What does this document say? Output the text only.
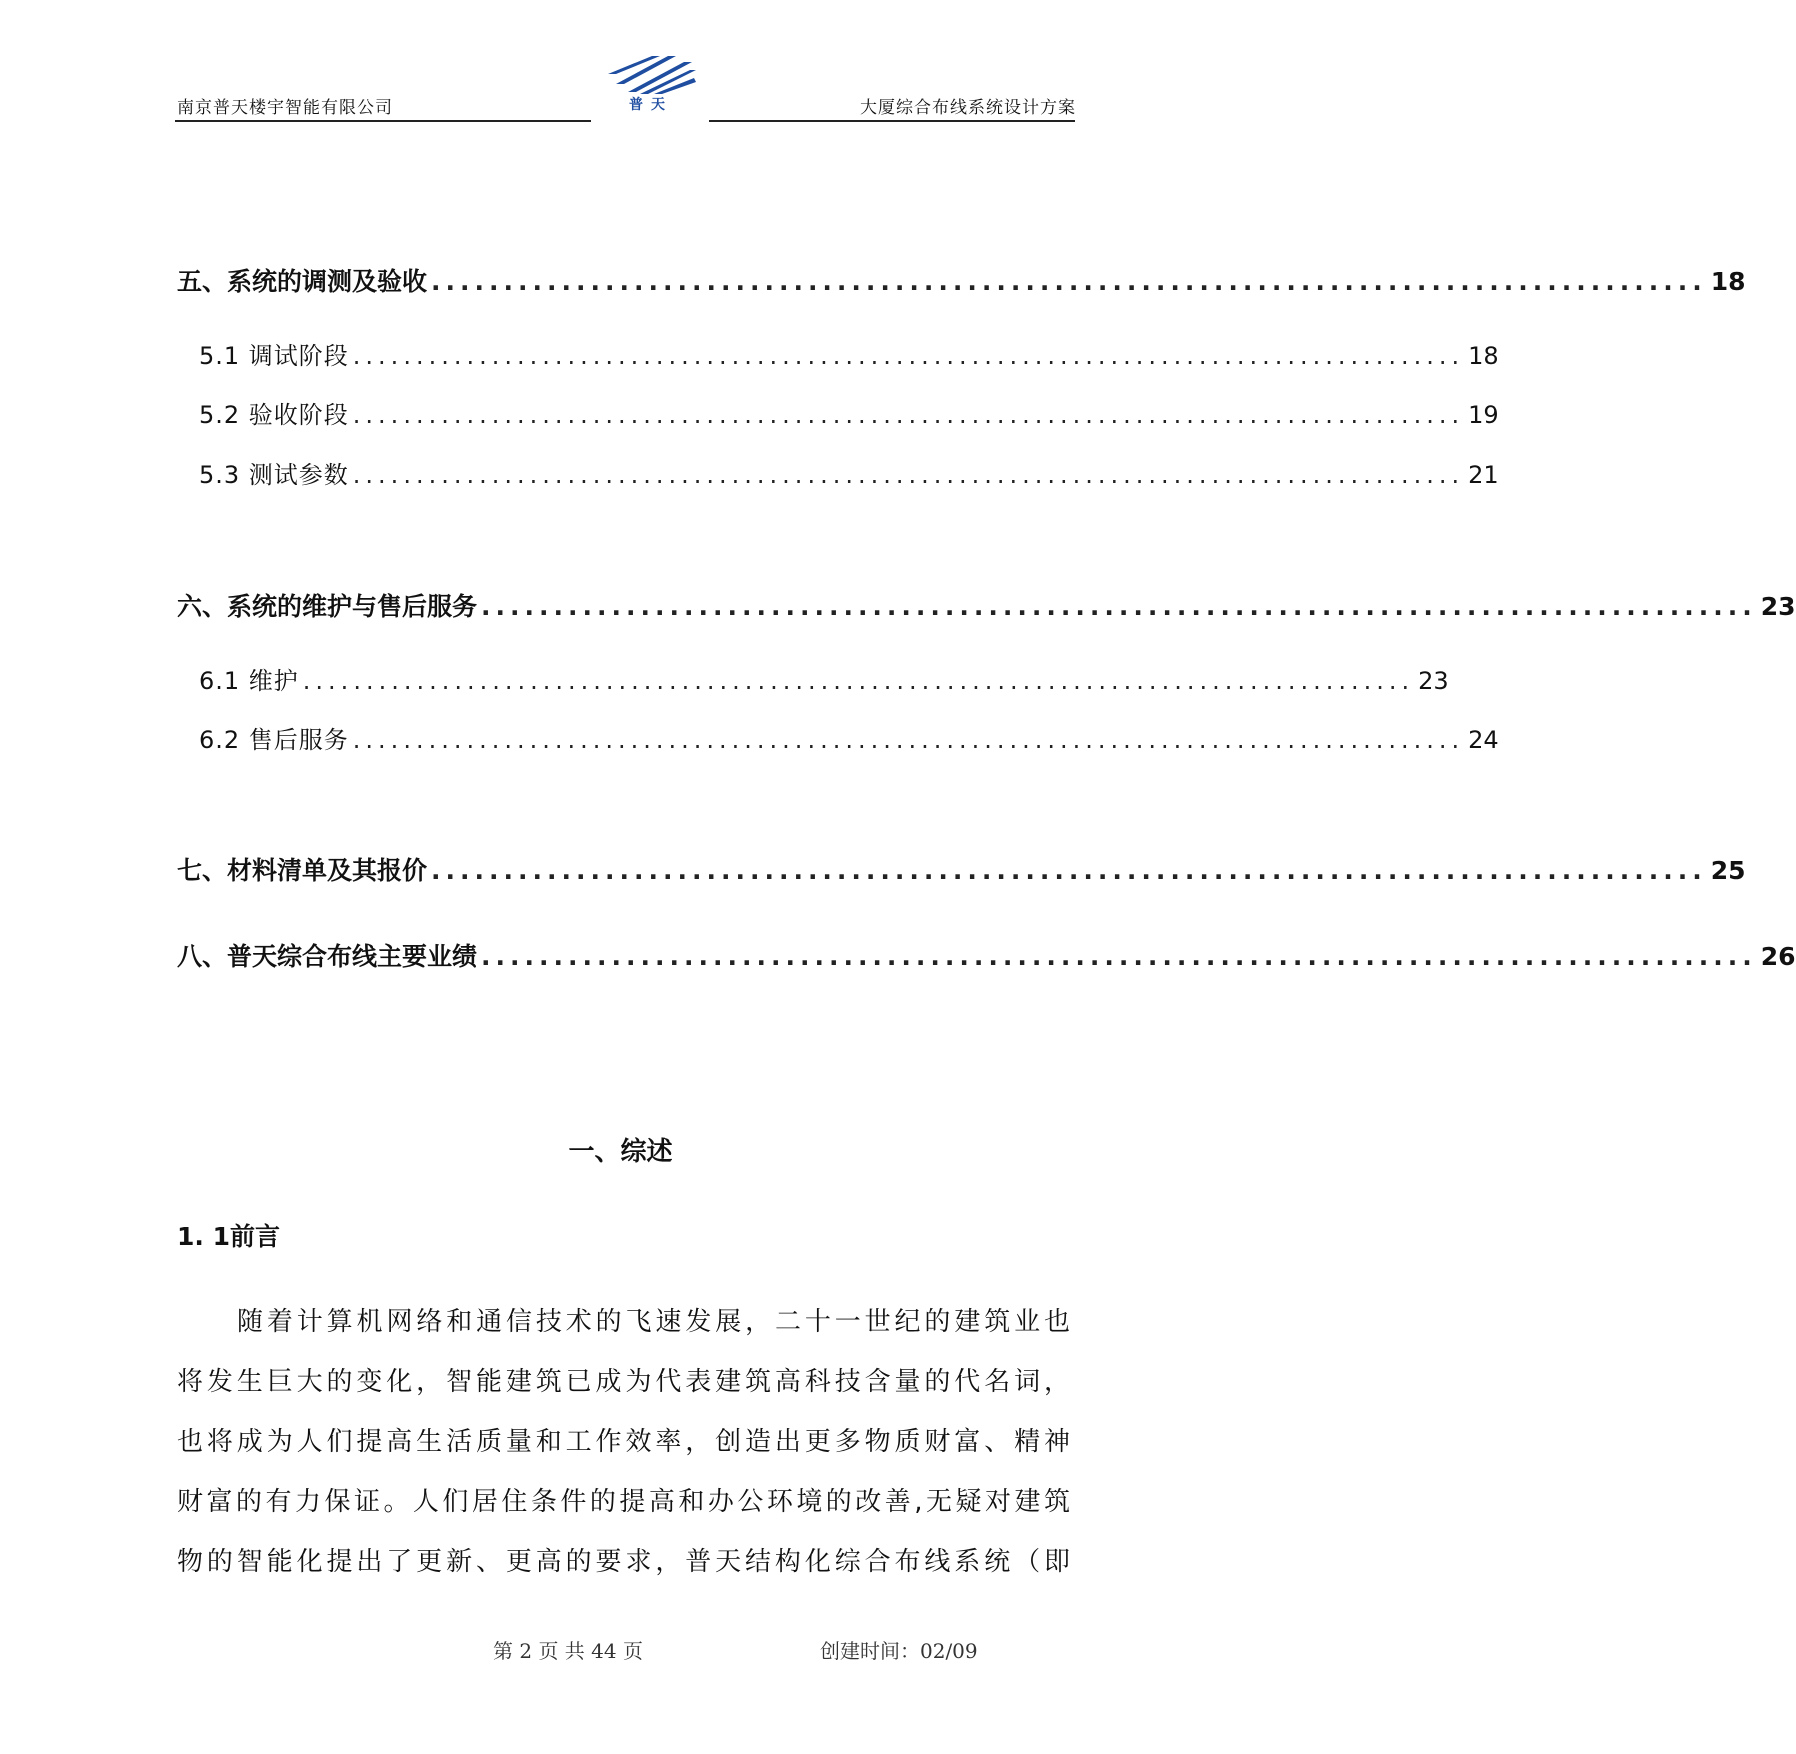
南京普天楼宇智能有限公司	普天	大厦综合布线系统设计方案
五、系统的调测及验收 ........................................................................................ 18
5.1 调试阶段 ........................................................................................ 18
5.2 验收阶段 ........................................................................................ 19
5.3 测试参数 ........................................................................................ 21
六、系统的维护与售后服务 ........................................................................................ 23
6.1 维护 ........................................................................................ 23
6.2 售后服务 ........................................................................................ 24
七、材料清单及其报价 ........................................................................................ 25
八、普天综合布线主要业绩 ........................................................................................ 26
一、综述
1. 1前言
随着计算机网络和通信技术的飞速发展，二十一世纪的建筑业也
将发生巨大的变化，智能建筑已成为代表建筑高科技含量的代名词，
也将成为人们提高生活质量和工作效率，创造出更多物质财富、精神
财富的有力保证。人们居住条件的提高和办公环境的改善,无疑对建筑
物的智能化提出了更新、更高的要求，普天结构化综合布线系统（即
第 2 页 共 44 页	创建时间：02/09
